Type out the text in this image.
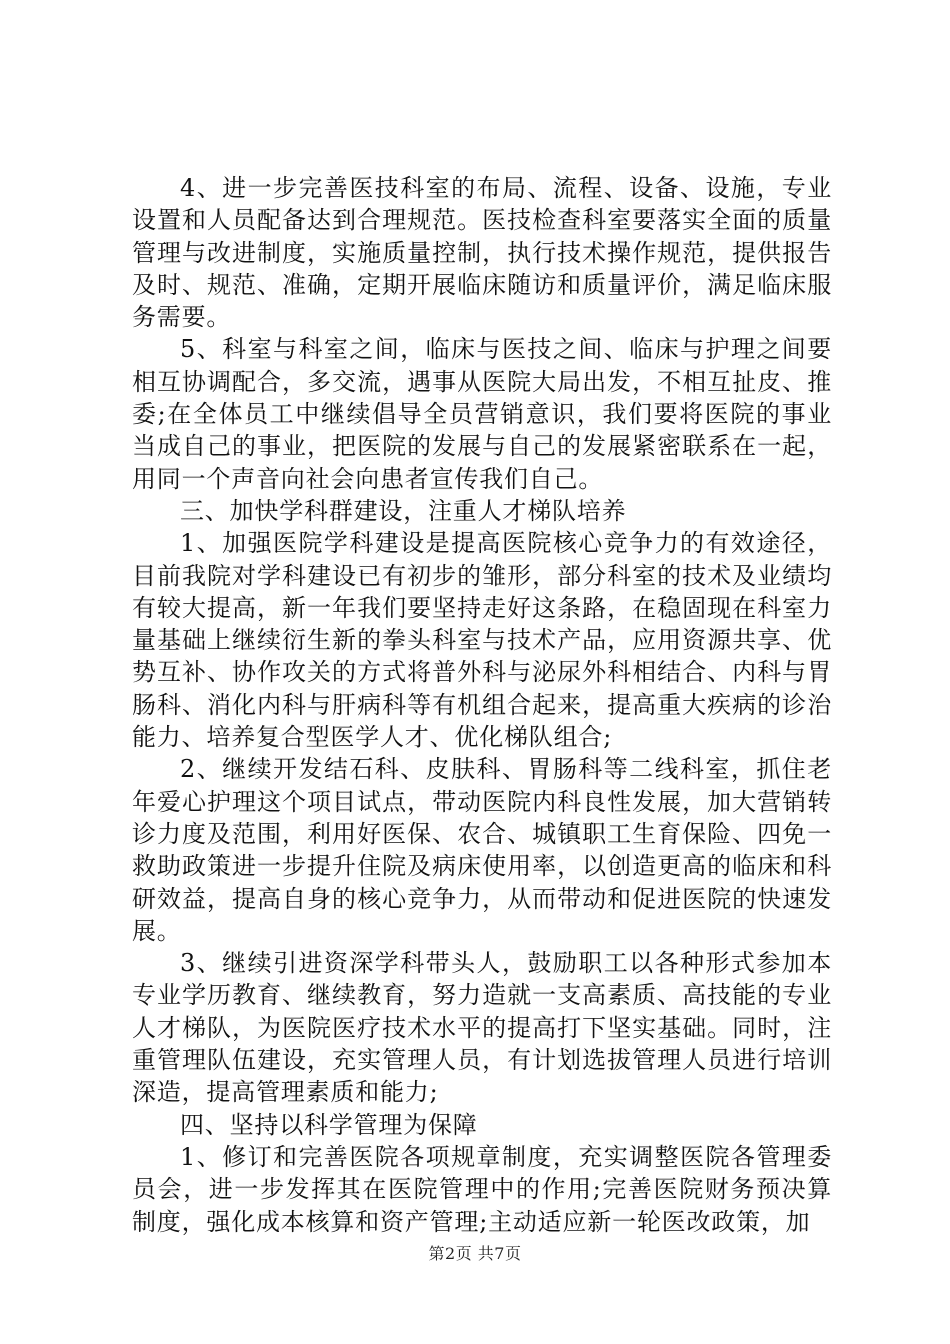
4、进一步完善医技科室的布局、流程、设备、设施，专业设置和人员配备达到合理规范。医技检查科室要落实全面的质量管理与改进制度，实施质量控制，执行技术操作规范，提供报告及时、规范、准确，定期开展临床随访和质量评价，满足临床服务需要。

5、科室与科室之间，临床与医技之间、临床与护理之间要相互协调配合，多交流，遇事从医院大局出发，不相互扯皮、推委;在全体员工中继续倡导全员营销意识，我们要将医院的事业当成自己的事业，把医院的发展与自己的发展紧密联系在一起，用同一个声音向社会向患者宣传我们自己。

三、加快学科群建设，注重人才梯队培养

1、加强医院学科建设是提高医院核心竞争力的有效途径，目前我院对学科建设已有初步的雏形，部分科室的技术及业绩均有较大提高，新一年我们要坚持走好这条路，在稳固现在科室力量基础上继续衍生新的拳头科室与技术产品，应用资源共享、优势互补、协作攻关的方式将普外科与泌尿外科相结合、内科与胃肠科、消化内科与肝病科等有机组合起来，提高重大疾病的诊治能力、培养复合型医学人才、优化梯队组合;

2、继续开发结石科、皮肤科、胃肠科等二线科室，抓住老年爱心护理这个项目试点，带动医院内科良性发展，加大营销转诊力度及范围，利用好医保、农合、城镇职工生育保险、四免一救助政策进一步提升住院及病床使用率，以创造更高的临床和科研效益，提高自身的核心竞争力，从而带动和促进医院的快速发展。

3、继续引进资深学科带头人，鼓励职工以各种形式参加本专业学历教育、继续教育，努力造就一支高素质、高技能的专业人才梯队，为医院医疗技术水平的提高打下坚实基础。同时，注重管理队伍建设，充实管理人员，有计划选拔管理人员进行培训深造，提高管理素质和能力;

四、坚持以科学管理为保障

1、修订和完善医院各项规章制度，充实调整医院各管理委员会，进一步发挥其在医院管理中的作用;完善医院财务预决算制度，强化成本核算和资产管理;主动适应新一轮医改政策，加

第2页 共7页
